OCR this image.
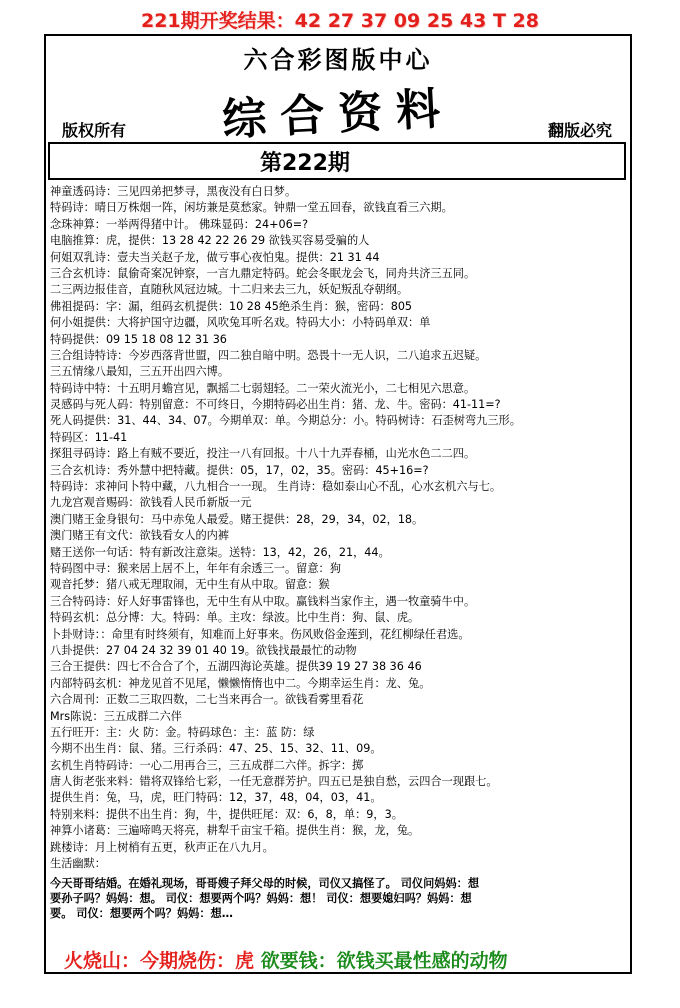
221期开奖结果：42 27 37 09 25 43 T 28
六合彩图版中心
综合资料
版权所有	翻版必究
第222期
神童透码诗：三见四弟把梦寻，黑夜没有白日梦。
特码诗：晴日万株烟一阵，闲坊兼是莫愁家。钟鼎一堂五回春，欲钱直看三六期。
念珠神算：一举两得猪中计。 佛珠显码：24+06=?
电脑推算：虎，提供：13 28 42 22 26 29 欲钱买容易受骗的人
何姐双乳诗：壹夫当关赵子龙，做亏事心夜怕鬼。提供：21 31 44
三合玄机诗：鼠偷奇案况钟察，一言九鼎定特码。蛇会冬眠龙会飞，同舟共济三五同。
二三两边报佳音，直随秋风冠边城。十二归来去三九，妖妃叛乱夺朝纲。
佛祖提码：字：漏，组码玄机提供：10 28 45绝杀生肖：猴，密码：805
何小姐提供：大将护国守边疆，风吹兔耳听名戏。特码大小：小特码单双：单
特码提供：09 15 18 08 12 31 36
三合组诗特诗：今岁西落背世盟，四二独自暗中明。恐畏十一无人识，二八追求五迟疑。
三五情缘八最知，三五开出四六博。
特码诗中特：十五明月蟾宫见，飘摇二七弱翅轻。二一荣火流光小，二七相见六思意。
灵感码与死人码：特别留意：不可终日，今期特码必出生肖：猪、龙、牛。密码：41-11=?
死人码提供：31、44、34、07。今期单双：单。今期总分：小。特码树诗：石歪树弯九三形。
特码区：11-41
探狙寻码诗：路上有贼不要近，投注一八有回报。十八十九弄春桶，山光水色二二四。
三合玄机诗：秀外慧中把特藏。提供：05，17，02，35。密码：45+16=?
特码诗：求神问卜特中藏，八九相合一一现。 生肖诗：稳如泰山心不乱，心水玄机六与七。
九龙宫观音赐码：欲钱看人民币新版一元
澳门赌王金身银句：马中赤兔人最爱。赌王提供：28，29，34，02，18。
澳门赌王有文代：欲钱看女人的内裤
赌王送你一句话：特有新改注意柒。送特：13，42，26，21，44。
特码图中寻：猴来居上居不上，年年有余透三一。留意：狗
观音托梦：猪八戒无理取闹，无中生有从中取。留意：猴
三合特码诗：好人好事雷锋也，无中生有从中取。赢钱料当家作主，遇一牧童骑牛中。
特码玄机：总分博：大。特码：单。主攻：绿波。比中生肖：狗、鼠、虎。
卜卦财诗：：命里有时终须有，知难而上好事来。伤风败俗金莲到，花红柳绿任君选。
八卦提供：27 04 24 32 39 01 40 19。欲钱找最最忙的动物
三合王提供：四七不合合了个，五湖四海论英雄。提供39 19 27 38 36 46
内部特码玄机：神龙见首不见尾，懒懒惰惰也中二。今期幸运生肖：龙、兔。
六合周刊：正数二三取四数，二七当来再合一。欲钱看雾里看花
Mrs陈说：三五成群二六伴
五行旺开：主：火 防：金。特码球色：主：蓝 防：绿
今期不出生肖：鼠、猪。三行杀码：47、25、15、32、11、09。
玄机生肖特码诗：一心二用再合三，三五成群二六伴。拆字：掷
唐人街老张来料：错将双锋给七彩，一任无意群芳护。四五已是独自愁，云四合一现跟七。
提供生肖：兔，马，虎，旺门特码：12，37，48，04，03，41。
特别来料：提供不出生肖：狗，牛，提供旺尾：双：6，8，单：9，3。
神算小诸葛：三遍啼鸣天将亮，耕犁千亩宝千箱。提供生肖：猴，龙，兔。
跳楼诗：月上树梢有五更，秋声正在八九月。
生活幽默：
今天哥哥结婚。在婚礼现场，哥哥嫂子拜父母的时候，司仪又搞怪了。 司仪问妈妈：想
要孙子吗？妈妈：想。 司仪：想要两个吗？妈妈：想！ 司仪：想要媳妇吗？妈妈：想
要。 司仪：想要两个吗？妈妈：想…
火烧山：今期烧伤：虎 欲要钱：欲钱买最性感的动物
